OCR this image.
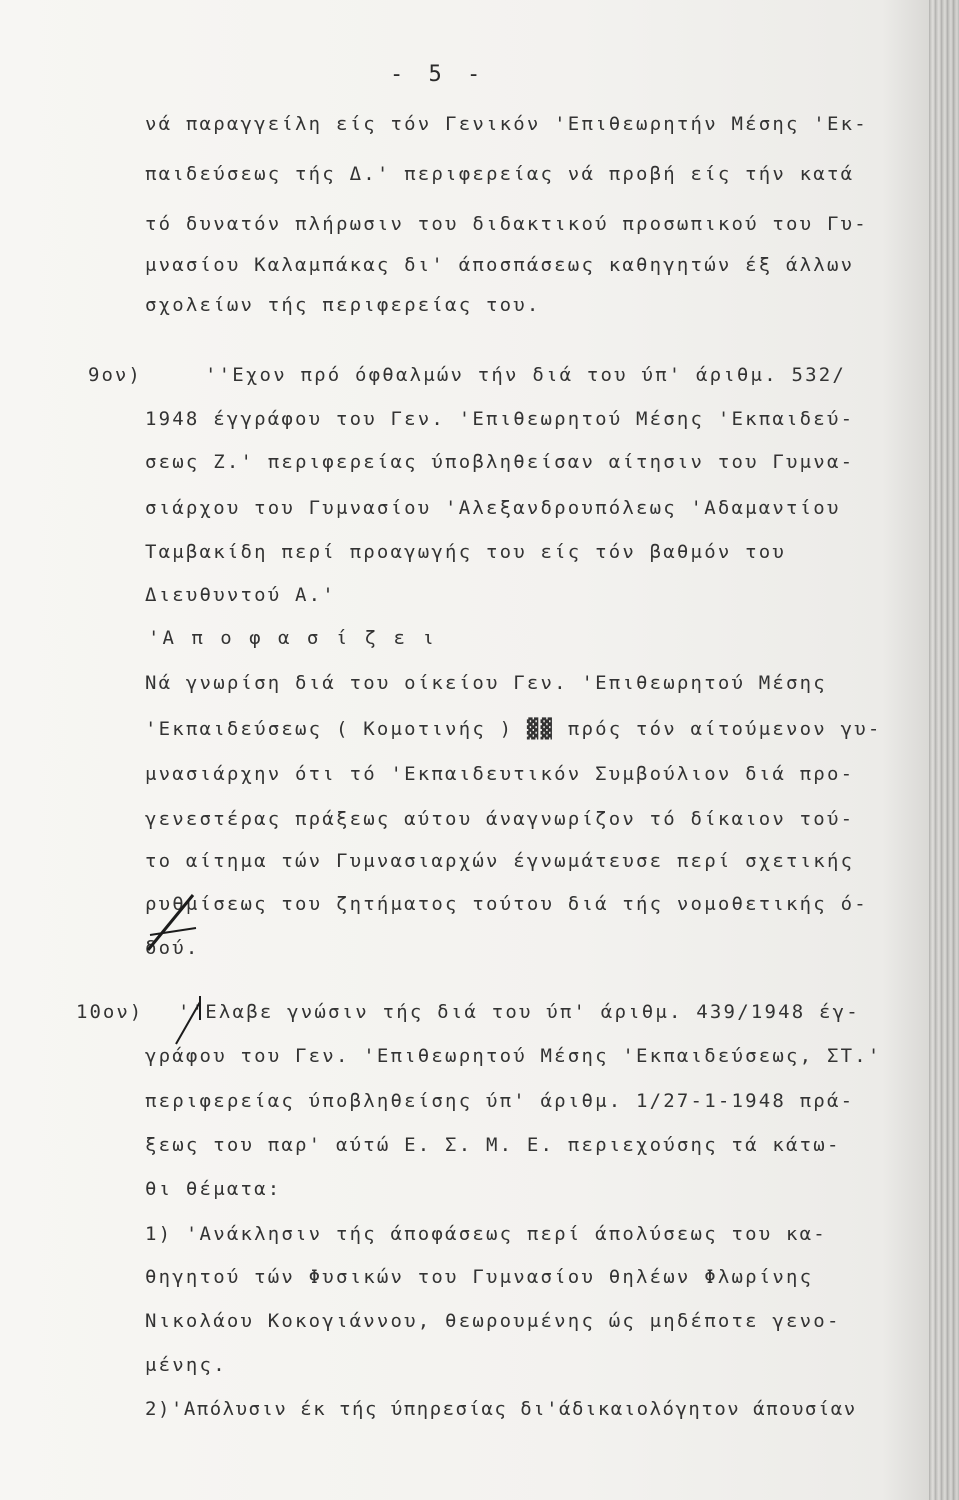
- 5 -
νά παραγγείλη είς τόν Γενικόν 'Επιθεωρητήν Μέσης 'Εκ-
παιδεύσεως τής Δ.' περιφερείας νά προβή είς τήν κατά
τό δυνατόν πλήρωσιν του διδακτικού προσωπικού του Γυ-
μνασίου Καλαμπάκας δι' άποσπάσεως καθηγητών έξ άλλων
σχολείων τής περιφερείας του.
9ον)	''Εχον πρό όφθαλμών τήν διά του ύπ' άριθμ. 532/
1948 έγγράφου του Γεν. 'Επιθεωρητού Μέσης 'Εκπαιδεύ-
σεως Ζ.' περιφερείας ύποβληθείσαν αίτησιν του Γυμνα-
σιάρχου του Γυμνασίου 'Αλεξανδρουπόλεως 'Αδαμαντίου
Ταμβακίδη περί προαγωγής του είς τόν βαθμόν του
Διευθυντού Α.'
'Α π ο φ α σ ί ζ ε ι
Νά γνωρίση διά του οίκείου Γεν. 'Επιθεωρητού Μέσης
'Εκπαιδεύσεως ( Κομοτινής ) ▓▓ πρός τόν αίτούμενον γυ-
μνασιάρχην ότι τό 'Εκπαιδευτικόν Συμβούλιον διά προ-
γενεστέρας πράξεως αύτου άναγνωρίζον τό δίκαιον τού-
το αίτημα τών Γυμνασιαρχών έγνωμάτευσε περί σχετικής
ρυθμίσεως του ζητήματος τούτου διά τής νομοθετικής ό-
δού.
10ον) ''Ελαβε γνώσιν τής διά του ύπ' άριθμ. 439/1948 έγ-
γράφου του Γεν. 'Επιθεωρητού Μέσης 'Εκπαιδεύσεως, ΣΤ.'
περιφερείας ύποβληθείσης ύπ' άριθμ. 1/27-1-1948 πρά-
ξεως του παρ' αύτώ Ε. Σ. Μ. Ε. περιεχούσης τά κάτω-
θι θέματα:
1) 'Ανάκλησιν τής άποφάσεως περί άπολύσεως του κα-
θηγητού τών Φυσικών του Γυμνασίου θηλέων Φλωρίνης
Νικολάου Κοκογιάννου, θεωρουμένης ώς μηδέποτε γενο-
μένης.
2)'Απόλυσιν έκ τής ύπηρεσίας δι'άδικαιολόγητον άπουσίαν
